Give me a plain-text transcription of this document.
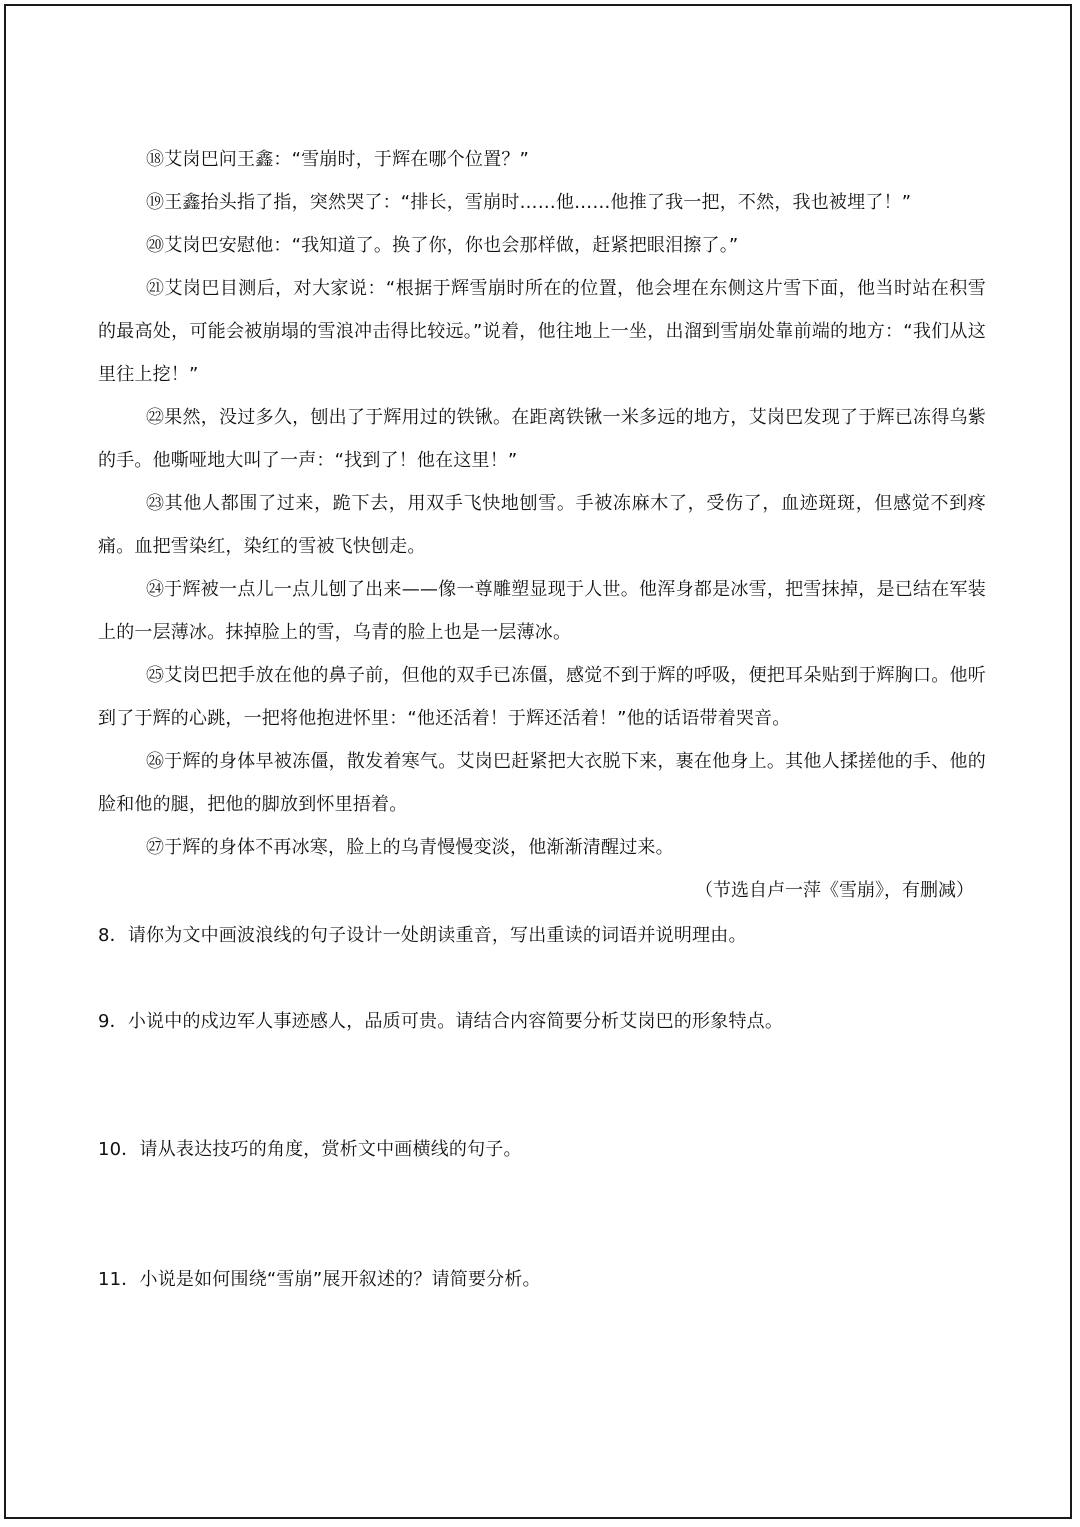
⑱艾岗巴问王鑫：“雪崩时，于辉在哪个位置？”

⑲王鑫抬头指了指，突然哭了：“排长，雪崩时……他……他推了我一把，不然，我也被埋了！”

⑳艾岗巴安慰他：“我知道了。换了你，你也会那样做，赶紧把眼泪擦了。”

㉑艾岗巴目测后，对大家说：“根据于辉雪崩时所在的位置，他会埋在东侧这片雪下面，他当时站在积雪的最高处，可能会被崩塌的雪浪冲击得比较远。”说着，他往地上一坐，出溜到雪崩处靠前端的地方：“我们从这里往上挖！”

㉒果然，没过多久，刨出了于辉用过的铁锹。在距离铁锹一米多远的地方，艾岗巴发现了于辉已冻得乌紫的手。他嘶哑地大叫了一声：“找到了！他在这里！”

㉓其他人都围了过来，跪下去，用双手飞快地刨雪。手被冻麻木了，受伤了，血迹斑斑，但感觉不到疼痛。血把雪染红，染红的雪被飞快刨走。

㉔于辉被一点儿一点儿刨了出来——像一尊雕塑显现于人世。他浑身都是冰雪，把雪抹掉，是已结在军装上的一层薄冰。抹掉脸上的雪，乌青的脸上也是一层薄冰。

㉕艾岗巴把手放在他的鼻子前，但他的双手已冻僵，感觉不到于辉的呼吸，便把耳朵贴到于辉胸口。他听到了于辉的心跳，一把将他抱进怀里：“他还活着！于辉还活着！”他的话语带着哭音。

㉖于辉的身体早被冻僵，散发着寒气。艾岗巴赶紧把大衣脱下来，裹在他身上。其他人揉搓他的手、他的脸和他的腿，把他的脚放到怀里捂着。

㉗于辉的身体不再冰寒，脸上的乌青慢慢变淡，他渐渐清醒过来。

（节选自卢一萍《雪崩》，有删减）

8．请你为文中画波浪线的句子设计一处朗读重音，写出重读的词语并说明理由。

9．小说中的戍边军人事迹感人，品质可贵。请结合内容简要分析艾岗巴的形象特点。

10．请从表达技巧的角度，赏析文中画横线的句子。

11．小说是如何围绕“雪崩”展开叙述的？请简要分析。
